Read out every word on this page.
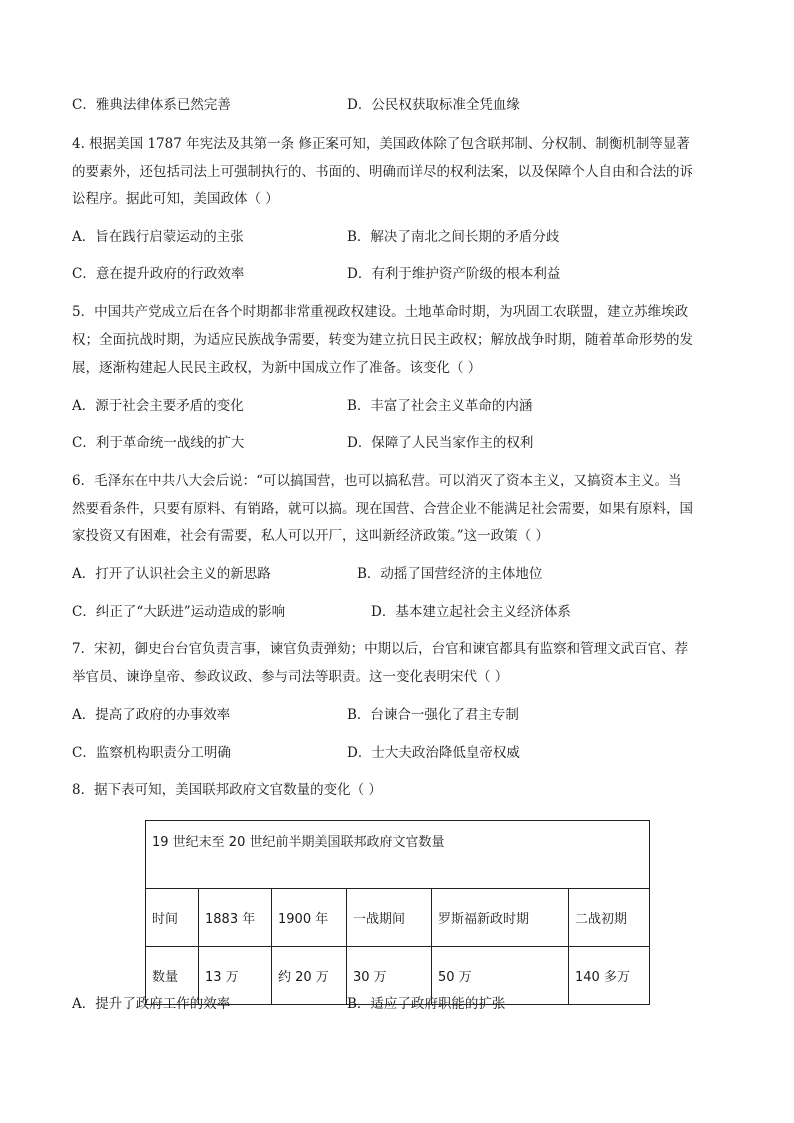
C．雅典法律体系已然完善	D．公民权获取标准全凭血缘
4. 根据美国 1787 年宪法及其第一条 修正案可知，美国政体除了包含联邦制、分权制、制衡机制等显著
的要素外，还包括司法上可强制执行的、书面的、明确而详尽的权利法案，以及保障个人自由和合法的诉
讼程序。据此可知，美国政体（ ）
A．旨在践行启蒙运动的主张	B．解决了南北之间长期的矛盾分歧
C．意在提升政府的行政效率	D．有利于维护资产阶级的根本利益
5．中国共产党成立后在各个时期都非常重视政权建设。土地革命时期，为巩固工农联盟，建立苏维埃政
权；全面抗战时期，为适应民族战争需要，转变为建立抗日民主政权；解放战争时期，随着革命形势的发
展，逐渐构建起人民民主政权，为新中国成立作了准备。该变化（ ）
A．源于社会主要矛盾的变化	B．丰富了社会主义革命的内涵
C．利于革命统一战线的扩大	D．保障了人民当家作主的权利
6．毛泽东在中共八大会后说：“可以搞国营，也可以搞私营。可以消灭了资本主义，又搞资本主义。当
然要看条件，只要有原料、有销路，就可以搞。现在国营、合营企业不能满足社会需要，如果有原料，国
家投资又有困难，社会有需要，私人可以开厂，这叫新经济政策。”这一政策（ ）
A．打开了认识社会主义的新思路	B．动摇了国营经济的主体地位
C．纠正了“大跃进”运动造成的影响	D．基本建立起社会主义经济体系
7．宋初，御史台台官负责言事，谏官负责弹劾；中期以后，台官和谏官都具有监察和管理文武百官、荐
举官员、谏诤皇帝、参政议政、参与司法等职责。这一变化表明宋代（ ）
A．提高了政府的办事效率	B．台谏合一强化了君主专制
C．监察机构职责分工明确	D．士大夫政治降低皇帝权威
8．据下表可知，美国联邦政府文官数量的变化（ ）
19 世纪末至 20 世纪前半期美国联邦政府文官数量					
时间	1883 年	1900 年	一战期间	罗斯福新政时期	二战初期
数量	13 万	约 20 万	30 万	50 万	140 多万
A．提升了政府工作的效率	B．适应了政府职能的扩张
